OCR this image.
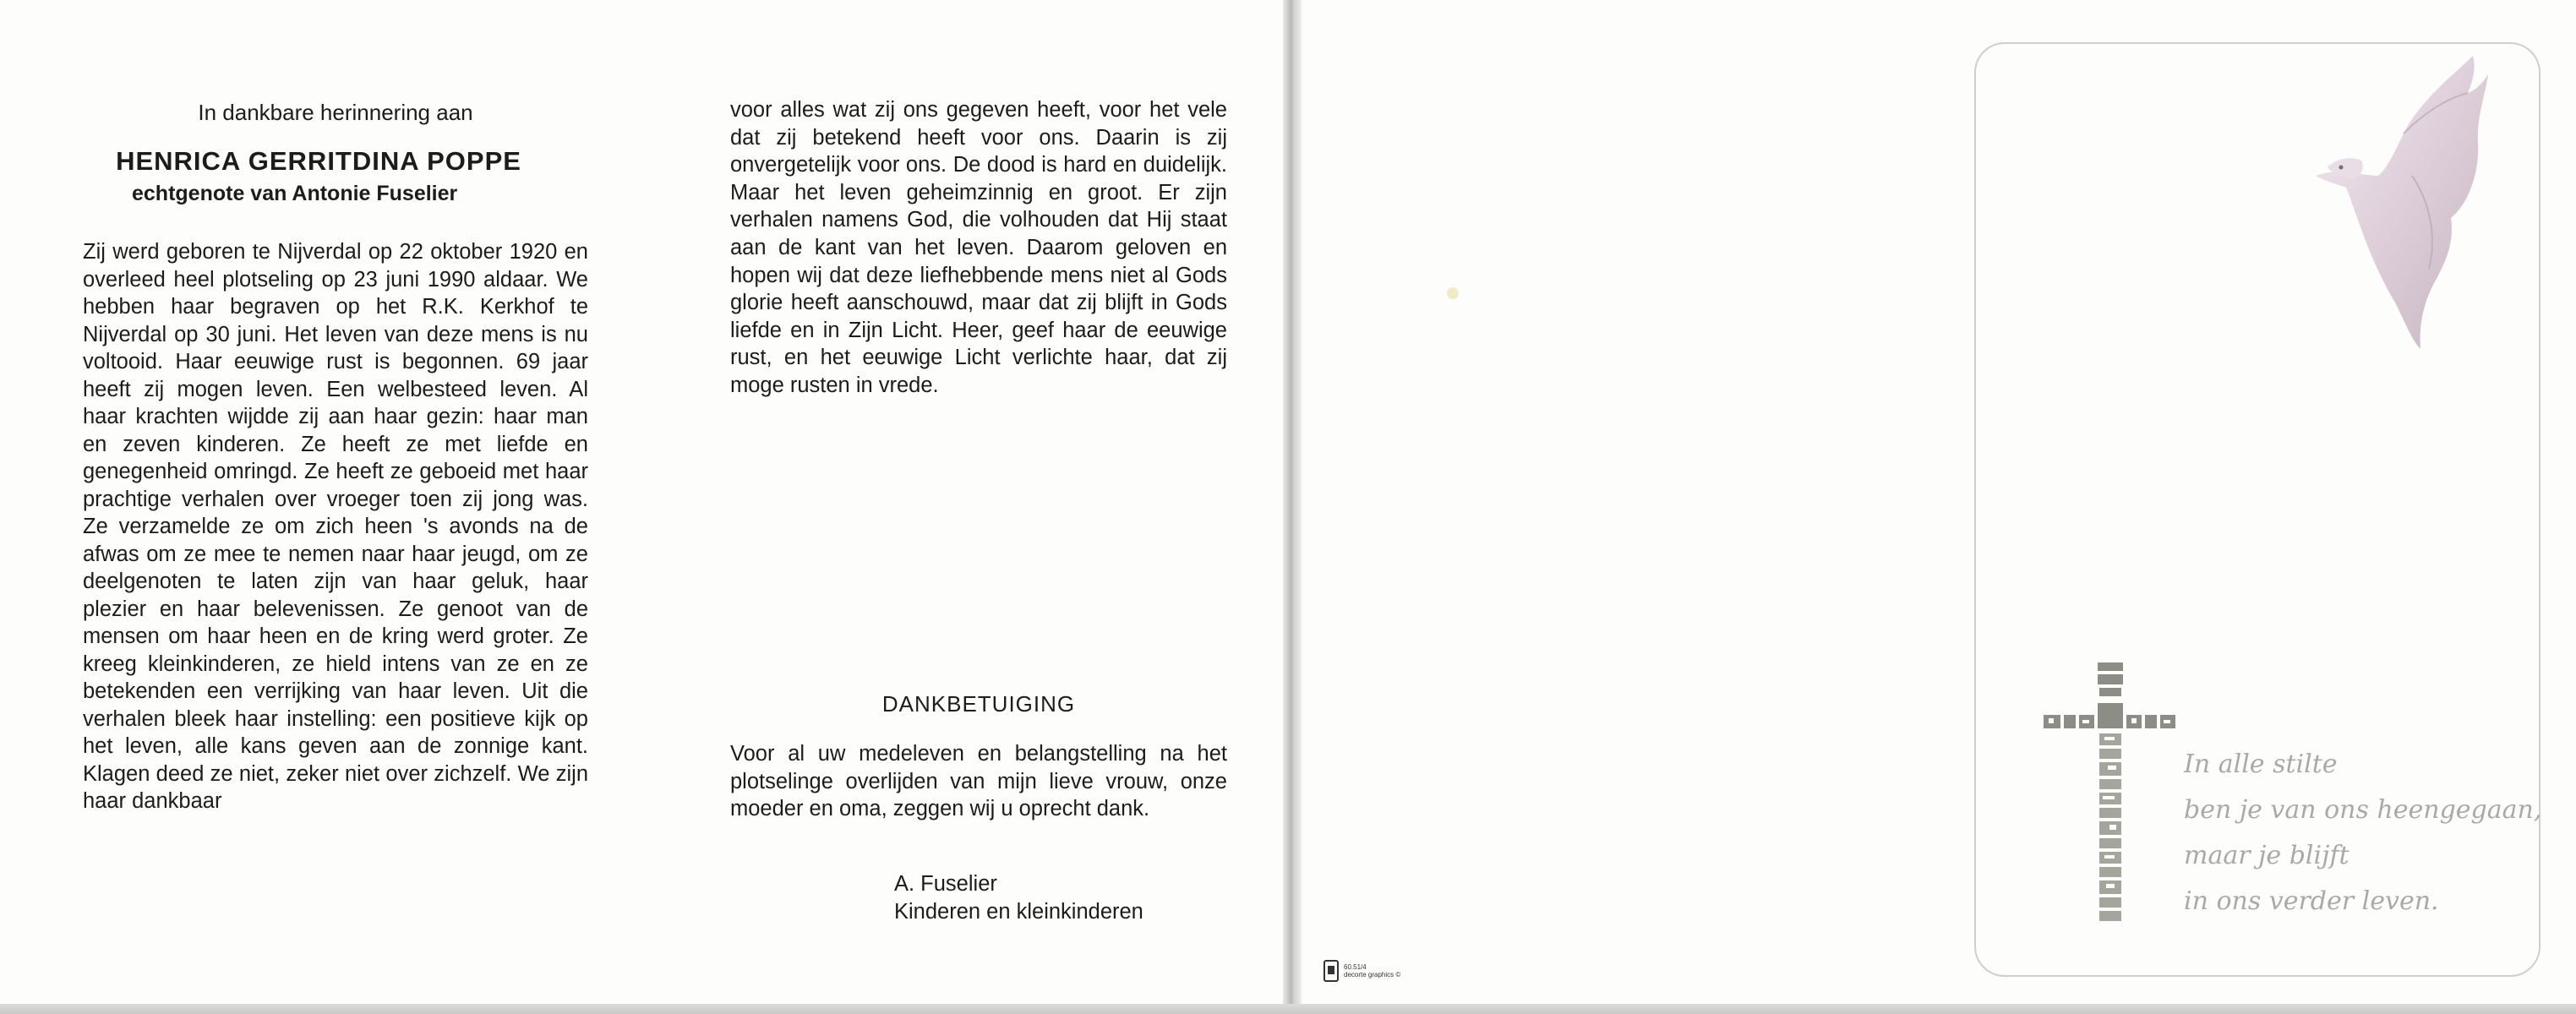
In dankbare herinnering aan

HENRICA GERRITDINA POPPE

echtgenote van Antonie Fuselier

Zij werd geboren te Nijverdal op 22 oktober 1920 en overleed heel plotseling op 23 juni 1990 aldaar. We hebben haar begraven op het R.K. Kerkhof te Nijverdal op 30 juni. Het leven van deze mens is nu voltooid. Haar eeuwige rust is begonnen. 69 jaar heeft zij mogen leven. Een welbesteed leven. Al haar krachten wijdde zij aan haar gezin: haar man en zeven kinderen. Ze heeft ze met liefde en genegenheid omringd. Ze heeft ze geboeid met haar prachtige verhalen over vroeger toen zij jong was. Ze verzamelde ze om zich heen 's avonds na de afwas om ze mee te nemen naar haar jeugd, om ze deelgenoten te laten zijn van haar geluk, haar plezier en haar belevenissen. Ze genoot van de mensen om haar heen en de kring werd groter. Ze kreeg kleinkinderen, ze hield intens van ze en ze betekenden een verrijking van haar leven. Uit die verhalen bleek haar instelling: een positieve kijk op het leven, alle kans geven aan de zonnige kant. Klagen deed ze niet, zeker niet over zichzelf. We zijn haar dankbaar

voor alles wat zij ons gegeven heeft, voor het vele dat zij betekend heeft voor ons. Daarin is zij onvergetelijk voor ons. De dood is hard en duidelijk. Maar het leven geheimzinnig en groot. Er zijn verhalen namens God, die volhouden dat Hij staat aan de kant van het leven. Daarom geloven en hopen wij dat deze liefhebbende mens niet al Gods glorie heeft aanschouwd, maar dat zij blijft in Gods liefde en in Zijn Licht. Heer, geef haar de eeuwige rust, en het eeuwige Licht verlichte haar, dat zij moge rusten in vrede.

DANKBETUIGING

Voor al uw medeleven en belangstelling na het plotselinge overlijden van mijn lieve vrouw, onze moeder en oma, zeggen wij u oprecht dank.

A. Fuselier
Kinderen en kleinkinderen
In alle stilte
ben je van ons heengegaan,
maar je blijft
in ons verder leven.
60.51/4
decorte graphics ©
